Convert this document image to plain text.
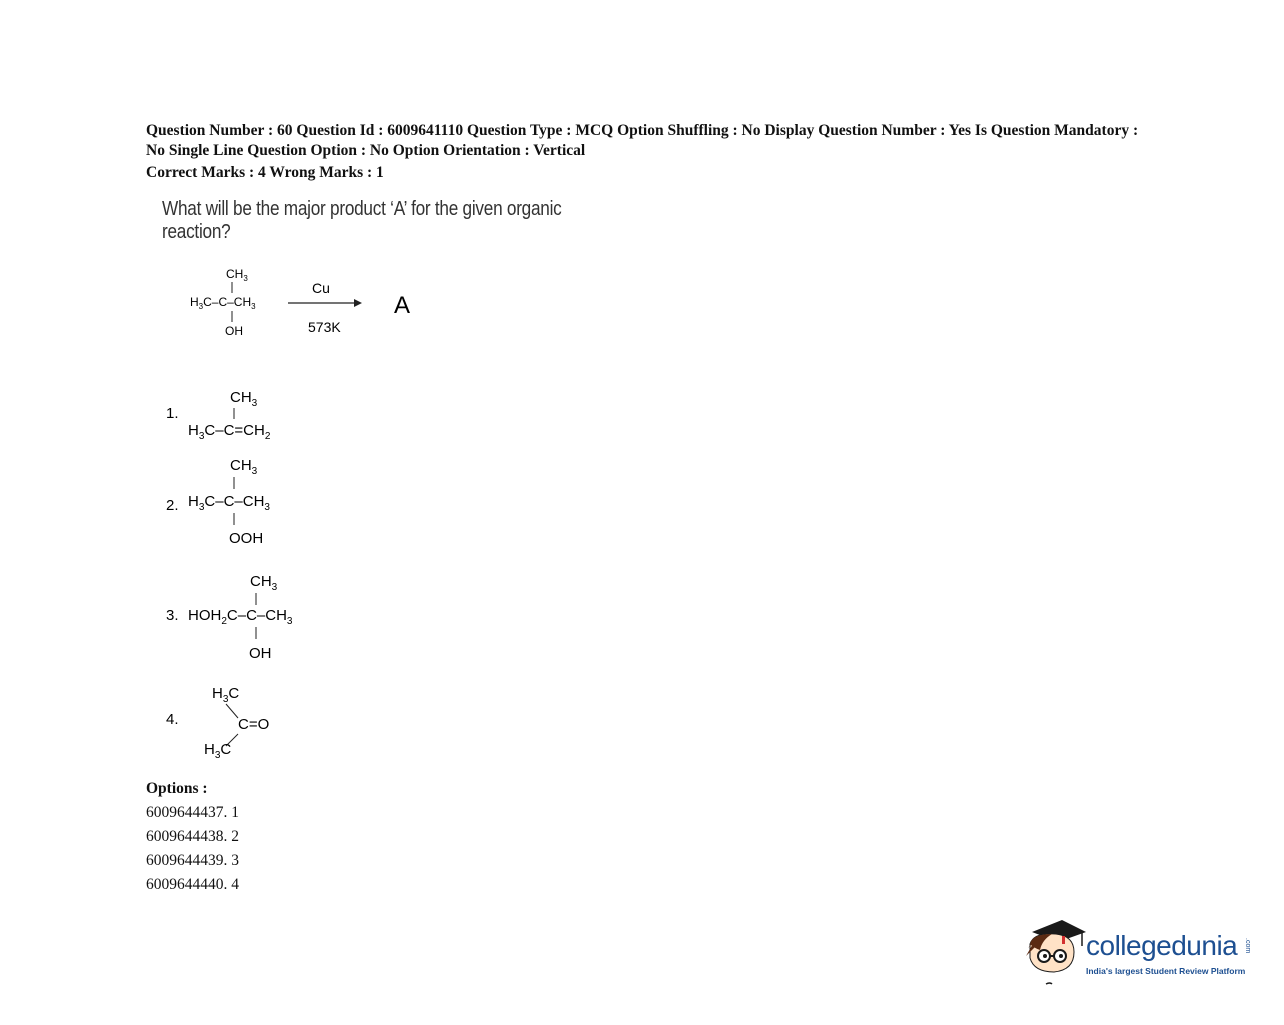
Question Number : 60 Question Id : 6009641110 Question Type : MCQ Option Shuffling : No Display Question Number : Yes Is Question Mandatory : No Single Line Question Option : No Option Orientation : Vertical
Correct Marks : 4 Wrong Marks : 1
What will be the major product ‘A’ for the given organic reaction?
$CH_3$
$H_3C-C-CH_3$
OH
Cu
573K
A
1.
$CH_3$
$H_3C-C=CH_2$
$CH_3$
2. $H_3C-C-CH_3$
OOH
$CH_3$
3. $HOH_2C-C-CH_3$
OH
$H_3C$
4.	C=O
$H_3C$
Options :
6009644437. 1
6009644438. 2
6009644439. 3
6009644440. 4
collegedunia .com
India's largest Student Review Platform
